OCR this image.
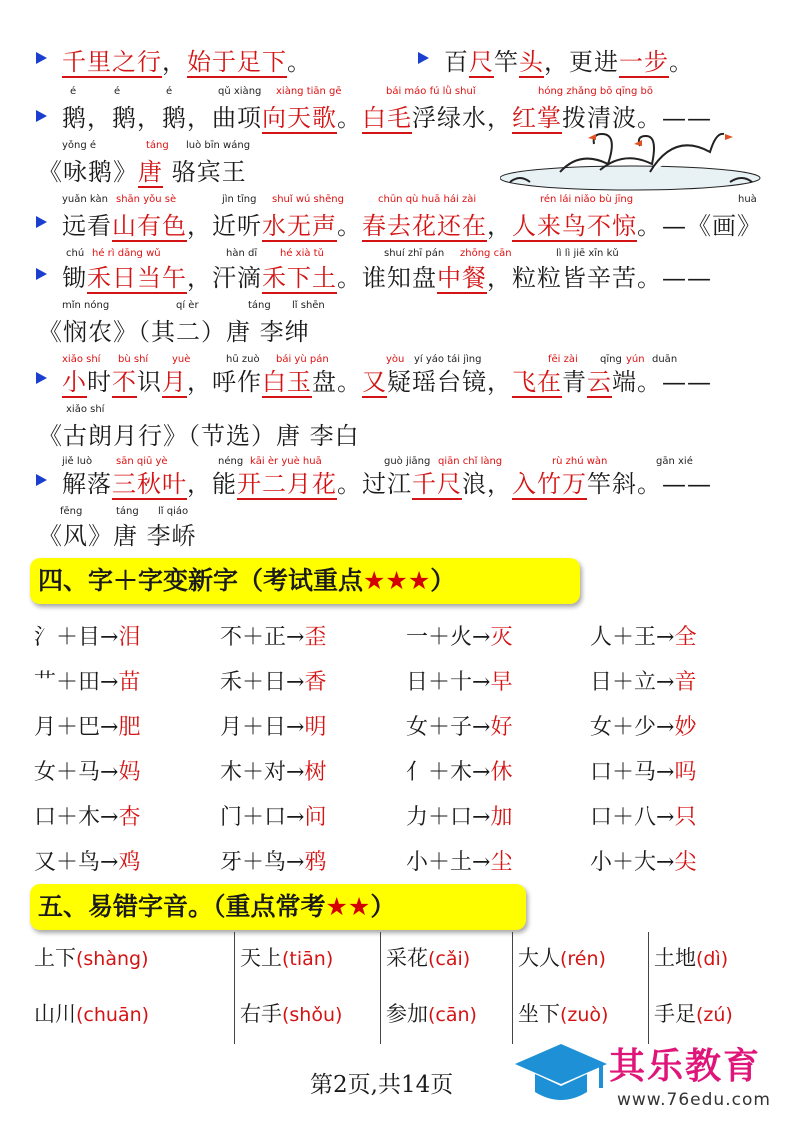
千里之行，始于足下。	百尺竿头，更进一步。
é	é	é	qǔ xiàng xiàng tiān gē	bái máo fú lǜ shuǐ	hóng zhǎng bō qīng bō
鹅，鹅，鹅，曲项向天歌。白毛浮绿水，红掌拨清波。——
yǒng é	táng luò bīn wáng
《咏鹅》唐 骆宾王
yuǎn kàn shān yǒu sè	jìn tīng shuǐ wú shēng	chūn qù huā hái zài	rén lái niǎo bù jīng	huà
远看山有色，近听水无声。春去花还在，人来鸟不惊。—《画》
chú hé rì dāng wǔ	hàn dī hé xià tǔ	shuí zhī pán zhōng cān	lì lì jiē xīn kǔ
锄禾日当午，汗滴禾下土。谁知盘中餐，粒粒皆辛苦。——
mǐn nóng	qí èr	táng lǐ shēn
《悯农》（其二）唐 李绅
xiǎo shí bù shí yuè	hū zuò bái yù pán	yòu yí yáo tái jìng	fēi zài qīng yún duān
小时不识月，呼作白玉盘。又疑瑶台镜，飞在青云端。——
xiǎo shí
《古朗月行》（节选）唐 李白
jiě luò sān qiū yè	néng kāi èr yuè huā	guò jiāng qiān chǐ làng	rù zhú wàn	gān xié
解落三秋叶，能开二月花。过江千尺浪，入竹万竿斜。——
fēng	táng lǐ qiáo
《风》唐 李峤
四、字＋字变新字（考试重点★★★）
氵＋目→泪	不＋正→歪	一＋火→灭	人＋王→全
艹＋田→苗	禾＋日→香	日＋十→早	日＋立→音
月＋巴→肥	月＋日→明	女＋子→好	女＋少→妙
女＋马→妈	木＋对→树	亻＋木→休	口＋马→吗
口＋木→杏	门＋口→问	力＋口→加	口＋八→只
又＋鸟→鸡	牙＋鸟→鸦	小＋土→尘	小＋大→尖
五、易错字音。（重点常考★★）
上下(shàng)	天上(tiān)	采花(cǎi) 大人(rén) 土地(dì)
山川(chuān)	右手(shǒu) 参加(cān) 坐下(zuò) 手足(zú)
第2页,共14页	其乐教育
www.76edu.com
